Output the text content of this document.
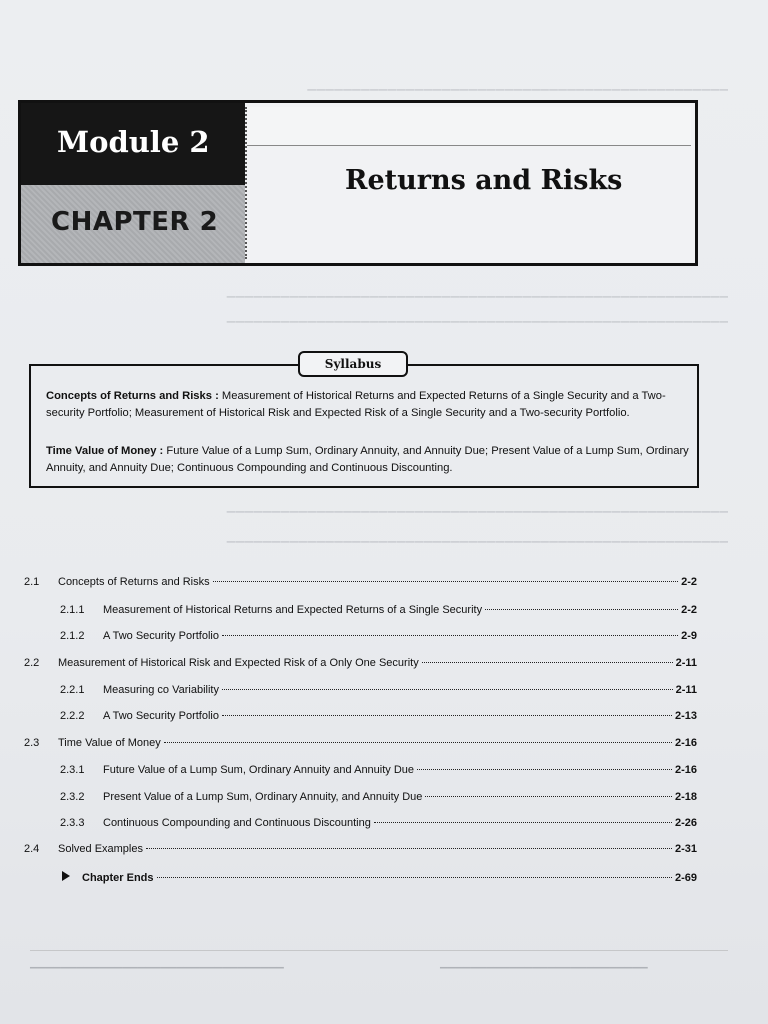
▁▁▁▁▁▁▁▁▁▁▁▁▁▁▁▁▁▁▁▁▁▁▁▁▁▁▁▁▁▁▁▁▁▁▁▁▁▁▁▁▁▁▁▁▁▁▁
▁▁▁▁▁▁▁▁▁▁▁▁▁▁▁▁▁▁▁▁▁▁▁▁▁▁▁▁▁▁▁▁▁▁▁▁▁▁▁▁▁▁▁▁▁▁▁▁▁▁▁▁▁▁▁▁
▁▁▁▁▁▁▁▁▁▁▁▁▁▁▁▁▁▁▁▁▁▁▁▁▁▁▁▁▁▁▁▁▁▁▁▁▁▁▁▁▁▁▁▁▁▁▁▁▁▁▁▁▁▁▁▁
▁▁▁▁▁▁▁▁▁▁▁▁▁▁▁▁▁▁▁▁▁▁▁▁▁▁▁▁▁▁▁▁▁▁▁▁▁▁▁▁▁▁▁▁▁▁▁▁▁▁▁▁▁▁▁▁
▁▁▁▁▁▁▁▁▁▁▁▁▁▁▁▁▁▁▁▁▁▁▁▁▁▁▁▁▁▁▁▁▁▁▁▁▁▁▁▁▁▁▁▁▁▁▁▁▁▁▁▁▁▁▁▁
Module 2
CHAPTER 2
Returns and Risks
Syllabus
Concepts of Returns and Risks : Measurement of Historical Returns and Expected Returns of a Single Security and a Two-security Portfolio; Measurement of Historical Risk and Expected Risk of a Single Security and a Two-security Portfolio.
Time Value of Money : Future Value of a Lump Sum, Ordinary Annuity, and Annuity Due; Present Value of a Lump Sum, Ordinary Annuity, and Annuity Due; Continuous Compounding and Continuous Discounting.
2.1	Concepts of Returns and Risks	2-2
2.1.1	Measurement of Historical Returns and Expected Returns of a Single Security	2-2
2.1.2	A Two Security Portfolio	2-9
2.2	Measurement of Historical Risk and Expected Risk of a Only One Security	2-11
2.2.1	Measuring co Variability	2-11
2.2.2	A Two Security Portfolio	2-13
2.3	Time Value of Money	2-16
2.3.1	Future Value of a Lump Sum, Ordinary Annuity and Annuity Due	2-16
2.3.2	Present Value of a Lump Sum, Ordinary Annuity, and Annuity Due	2-18
2.3.3	Continuous Compounding and Continuous Discounting	2-26
2.4	Solved Examples	2-31
Chapter Ends	2-69
▁▁▁▁▁▁▁▁▁▁▁▁▁▁▁▁▁▁▁▁▁▁▁▁▁▁▁▁▁▁▁▁▁	▁▁▁▁▁▁▁▁▁▁▁▁▁▁▁▁▁▁▁▁▁▁▁▁▁▁▁
